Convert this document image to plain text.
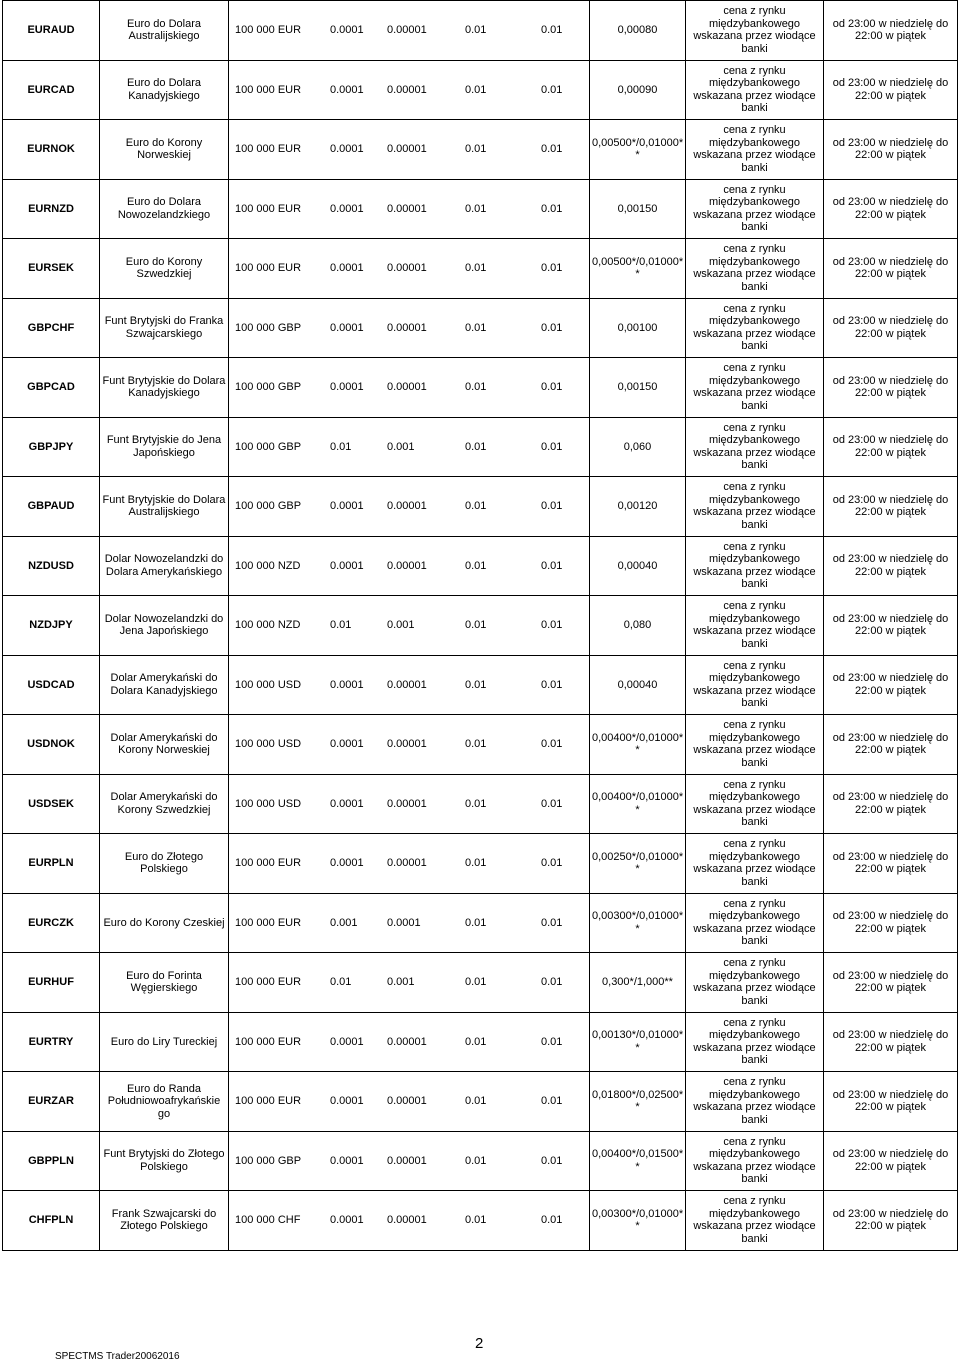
EURAUD	Euro do Dolara Australijskiego	100 000 EUR 0.0001 0.00001 0.01 0.01	0,00080	cena z rynku międzybankowego wskazana przez wiodące banki	od 23:00 w niedzielę do 22:00 w piątek
EURCAD	Euro do Dolara Kanadyjskiego	100 000 EUR 0.0001 0.00001 0.01 0.01	0,00090	cena z rynku międzybankowego wskazana przez wiodące banki	od 23:00 w niedzielę do 22:00 w piątek
EURNOK	Euro do Korony Norweskiej	100 000 EUR 0.0001 0.00001 0.01 0.01	0,00500*/0,01000* *	cena z rynku międzybankowego wskazana przez wiodące banki	od 23:00 w niedzielę do 22:00 w piątek
EURNZD	Euro do Dolara Nowozelandzkiego	100 000 EUR 0.0001 0.00001 0.01 0.01	0,00150	cena z rynku międzybankowego wskazana przez wiodące banki	od 23:00 w niedzielę do 22:00 w piątek
EURSEK	Euro do Korony Szwedzkiej	100 000 EUR 0.0001 0.00001 0.01 0.01	0,00500*/0,01000* *	cena z rynku międzybankowego wskazana przez wiodące banki	od 23:00 w niedzielę do 22:00 w piątek
GBPCHF	Funt Brytyjski do Franka Szwajcarskiego	100 000 GBP 0.0001 0.00001 0.01 0.01	0,00100	cena z rynku międzybankowego wskazana przez wiodące banki	od 23:00 w niedzielę do 22:00 w piątek
GBPCAD	Funt Brytyjskie do Dolara Kanadyjskiego	100 000 GBP 0.0001 0.00001 0.01 0.01	0,00150	cena z rynku międzybankowego wskazana przez wiodące banki	od 23:00 w niedzielę do 22:00 w piątek
GBPJPY	Funt Brytyjskie do Jena Japońskiego	100 000 GBP 0.01 0.001 0.01 0.01	0,060	cena z rynku międzybankowego wskazana przez wiodące banki	od 23:00 w niedzielę do 22:00 w piątek
GBPAUD	Funt Brytyjskie do Dolara Australijskiego	100 000 GBP 0.0001 0.00001 0.01 0.01	0,00120	cena z rynku międzybankowego wskazana przez wiodące banki	od 23:00 w niedzielę do 22:00 w piątek
NZDUSD	Dolar Nowozelandzki do Dolara Amerykańskiego	100 000 NZD 0.0001 0.00001 0.01 0.01	0,00040	cena z rynku międzybankowego wskazana przez wiodące banki	od 23:00 w niedzielę do 22:00 w piątek
NZDJPY	Dolar Nowozelandzki do Jena Japońskiego	100 000 NZD 0.01 0.001 0.01 0.01	0,080	cena z rynku międzybankowego wskazana przez wiodące banki	od 23:00 w niedzielę do 22:00 w piątek
USDCAD	Dolar Amerykański do Dolara Kanadyjskiego	100 000 USD 0.0001 0.00001 0.01 0.01	0,00040	cena z rynku międzybankowego wskazana przez wiodące banki	od 23:00 w niedzielę do 22:00 w piątek
USDNOK	Dolar Amerykański do Korony Norweskiej	100 000 USD 0.0001 0.00001 0.01 0.01	0,00400*/0,01000* *	cena z rynku międzybankowego wskazana przez wiodące banki	od 23:00 w niedzielę do 22:00 w piątek
USDSEK	Dolar Amerykański do Korony Szwedzkiej	100 000 USD 0.0001 0.00001 0.01 0.01	0,00400*/0,01000* *	cena z rynku międzybankowego wskazana przez wiodące banki	od 23:00 w niedzielę do 22:00 w piątek
EURPLN	Euro do Złotego Polskiego	100 000 EUR 0.0001 0.00001 0.01 0.01	0,00250*/0,01000* *	cena z rynku międzybankowego wskazana przez wiodące banki	od 23:00 w niedzielę do 22:00 w piątek
EURCZK	Euro do Korony Czeskiej	100 000 EUR 0.001 0.0001 0.01 0.01	0,00300*/0,01000* *	cena z rynku międzybankowego wskazana przez wiodące banki	od 23:00 w niedzielę do 22:00 w piątek
EURHUF	Euro do Forinta Węgierskiego	100 000 EUR 0.01 0.001 0.01 0.01	0,300*/1,000**	cena z rynku międzybankowego wskazana przez wiodące banki	od 23:00 w niedzielę do 22:00 w piątek
EURTRY	Euro do Liry Tureckiej	100 000 EUR 0.0001 0.00001 0.01 0.01	0,00130*/0,01000* *	cena z rynku międzybankowego wskazana przez wiodące banki	od 23:00 w niedzielę do 22:00 w piątek
EURZAR	Euro do Randa Południowoafrykańskie go	100 000 EUR 0.0001 0.00001 0.01 0.01	0,01800*/0,02500* *	cena z rynku międzybankowego wskazana przez wiodące banki	od 23:00 w niedzielę do 22:00 w piątek
GBPPLN	Funt Brytyjski do Złotego Polskiego	100 000 GBP 0.0001 0.00001 0.01 0.01	0,00400*/0,01500* *	cena z rynku międzybankowego wskazana przez wiodące banki	od 23:00 w niedzielę do 22:00 w piątek
CHFPLN	Frank Szwajcarski do Złotego Polskiego	100 000 CHF 0.0001 0.00001 0.01 0.01	0,00300*/0,01000* *	cena z rynku międzybankowego wskazana przez wiodące banki	od 23:00 w niedzielę do 22:00 w piątek
2
SPECTMS Trader20062016
